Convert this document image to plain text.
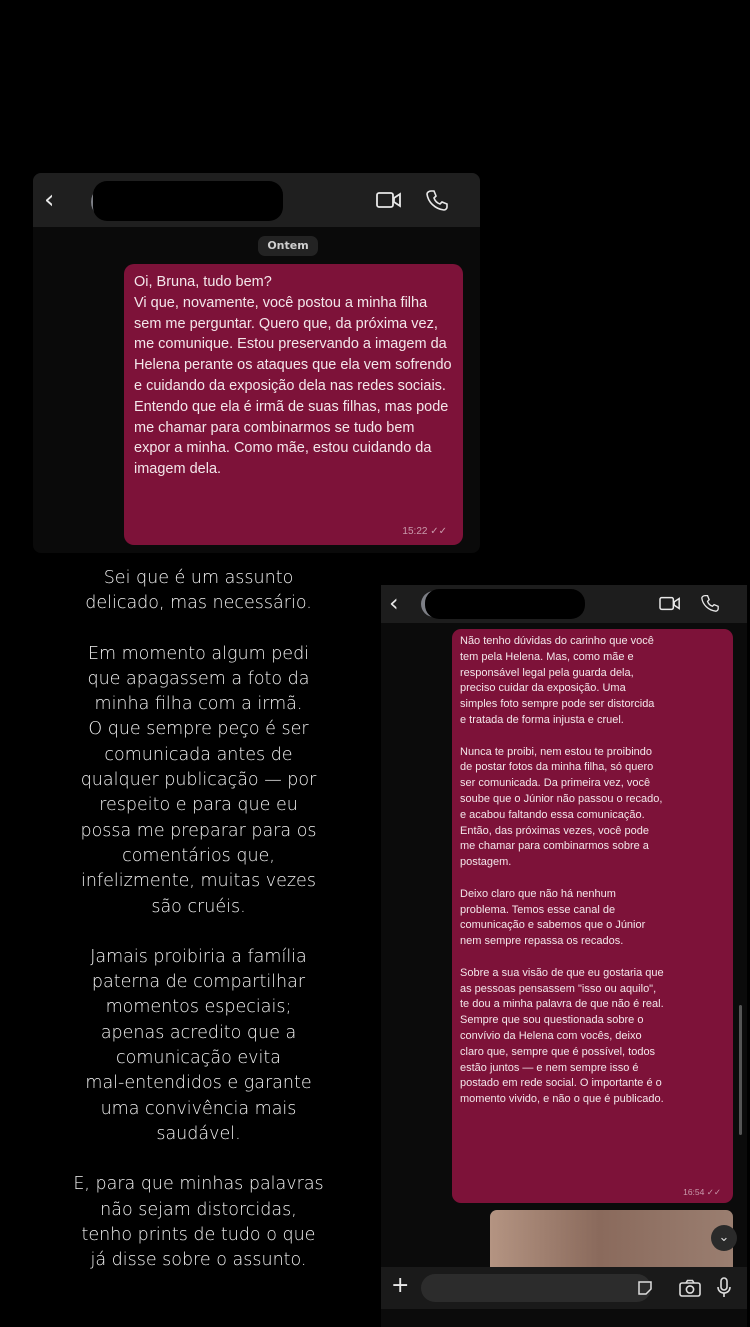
‹
Ontem
Oi, Bruna, tudo bem?
Vi que, novamente, você postou a minha filha sem me perguntar. Quero que, da próxima vez, me comunique. Estou preservando a imagem da Helena perante os ataques que ela vem sofrendo e cuidando da exposição dela nas redes sociais. Entendo que ela é irmã de suas filhas, mas pode me chamar para combinarmos se tudo bem expor a minha. Como mãe, estou cuidando da imagem dela.
15:22 ✓✓

Sei que é um assunto
delicado, mas necessário.

Em momento algum pedi
que apagassem a foto da
minha filha com a irmã.
O que sempre peço é ser
comunicada antes de
qualquer publicação — por
respeito e para que eu
possa me preparar para os
comentários que,
infelizmente, muitas vezes
são cruéis.

Jamais proibiria a família
paterna de compartilhar
momentos especiais;
apenas acredito que a
comunicação evita
mal-entendidos e garante
uma convivência mais
saudável.

E, para que minhas palavras
não sejam distorcidas,
tenho prints de tudo o que
já disse sobre o assunto.

‹

Não tenho dúvidas do carinho que você
tem pela Helena. Mas, como mãe e
responsável legal pela guarda dela,
preciso cuidar da exposição. Uma
simples foto sempre pode ser distorcida
e tratada de forma injusta e cruel.

Nunca te proibi, nem estou te proibindo
de postar fotos da minha filha, só quero
ser comunicada. Da primeira vez, você
soube que o Júnior não passou o recado,
e acabou faltando essa comunicação.
Então, das próximas vezes, você pode
me chamar para combinarmos sobre a
postagem.

Deixo claro que não há nenhum
problema. Temos esse canal de
comunicação e sabemos que o Júnior
nem sempre repassa os recados.

Sobre a sua visão de que eu gostaria que
as pessoas pensassem "isso ou aquilo",
te dou a minha palavra de que não é real.
Sempre que sou questionada sobre o
convívio da Helena com vocês, deixo
claro que, sempre que é possível, todos
estão juntos — e nem sempre isso é
postado em rede social. O importante é o
momento vivido, e não o que é publicado.

16:54 ✓✓
⌄
+
